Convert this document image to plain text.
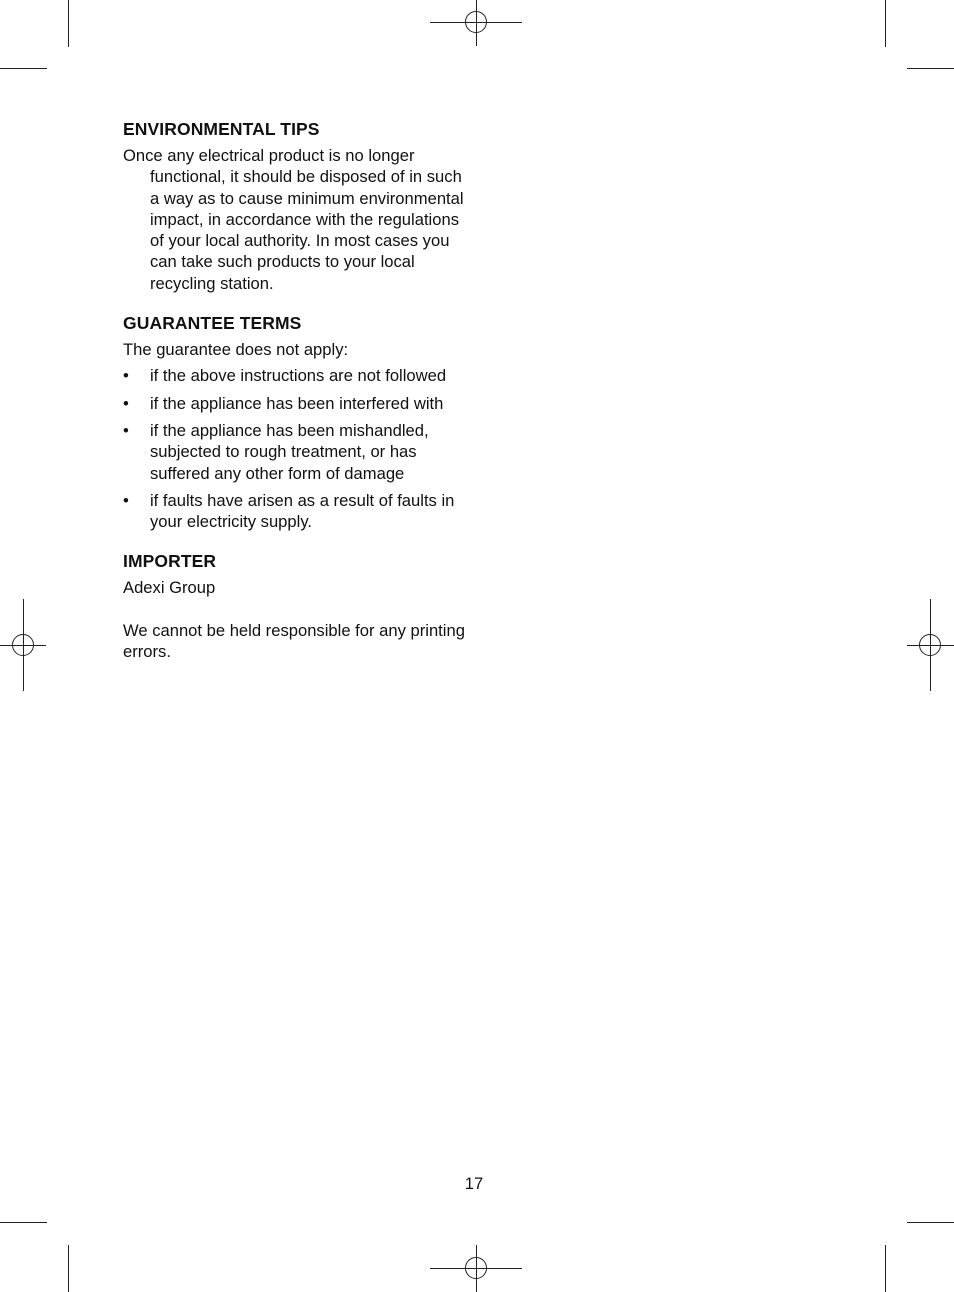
ENVIRONMENTAL TIPS

Once any electrical product is no longer functional, it should be disposed of in such a way as to cause minimum environmental impact, in accordance with the regulations of your local authority. In most cases you can take such products to your local recycling station.

GUARANTEE TERMS

The guarantee does not apply:

• if the above instructions are not followed
• if the appliance has been interfered with
• if the appliance has been mishandled, subjected to rough treatment, or has suffered any other form of damage
• if faults have arisen as a result of faults in your electricity supply.
IMPORTER

Adexi Group

We cannot be held responsible for any printing errors.

17
